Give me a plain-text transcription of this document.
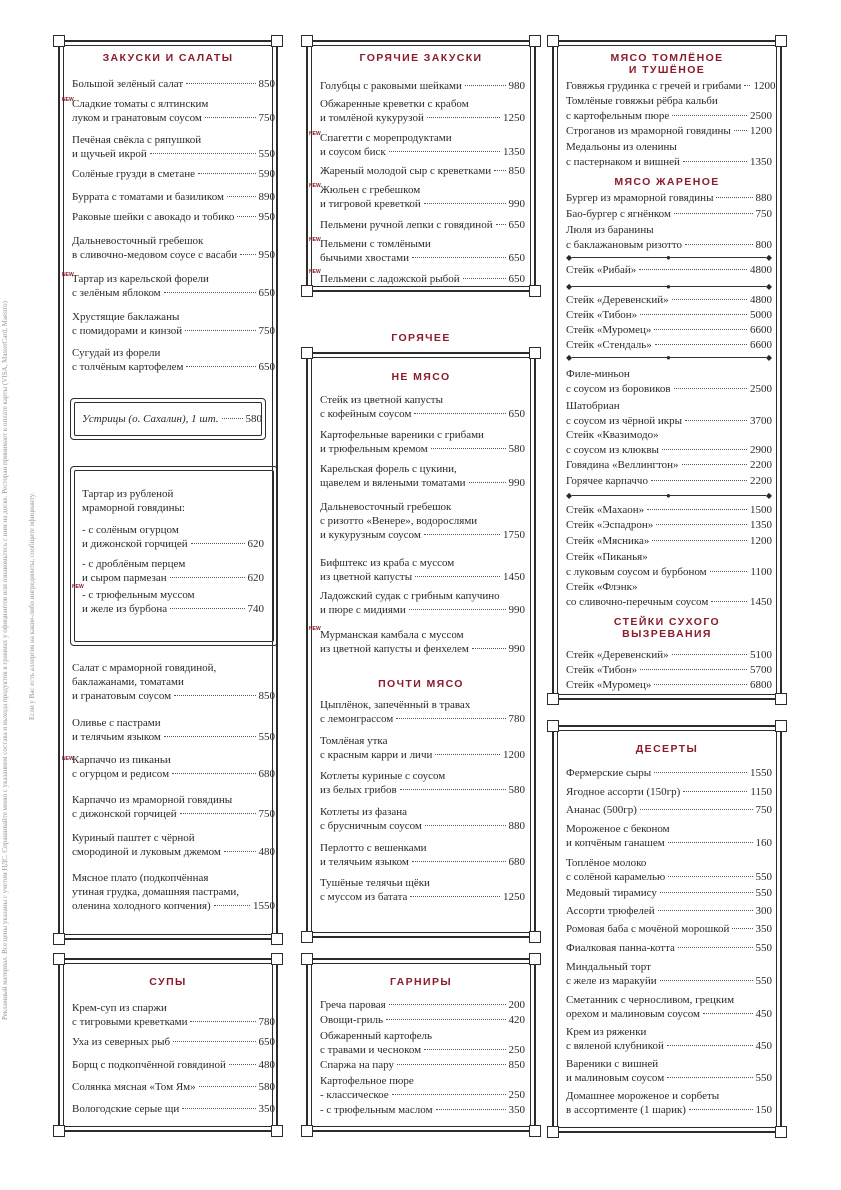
Рекламный материал. Все цены указаны с учетом НДС. Спрашивайте меню с указанием состава и выхода продуктов в граммах у официантов или ознакомьтесь с ним на доске. Ресторан принимает к оплате карты (VISA, MasterCard, Maestro)	Если у Вас есть аллергия на какие-либо ингредиенты, сообщите официанту.
ЗАКУСКИ И САЛАТЫ
Большой зелёный салат	850
Сладкие томаты с ялтинским
луком и гранатовым соусом	750
Печёная свёкла с ряпушкой
и щучьей икрой	550
Солёные грузди в сметане	590
Буррата с томатами и базиликом	890
Раковые шейки с авокадо и тобико 950
Дальневосточный гребешок
в сливочно-медовом соусе с васаби 950
Тартар из карельской форели
с зелёным яблоком	650
Хрустящие баклажаны
с помидорами и кинзой	750
Сугудай из форели
с толчёным картофелем	650
NEW
NEW
Устрицы (о. Сахалин), 1 шт. 580
Тартар из рубленой
мраморной говядины:
- с солёным огурцом
и дижонской горчицей	620
- с дроблёным перцем
и сыром пармезан	620
- с трюфельным муссом
и желе из бурбона	740
NEW
Салат с мраморной говядиной,
баклажанами, томатами
и гранатовым соусом	850
Оливье с пастрами
и телячьим языком	550
Карпаччо из пиканьи
с огурцом и редисом	680
Карпаччо из мраморной говядины
с дижонской горчицей	750
Куриный паштет с чёрной
смородиной и луковым джемом	480
Мясное плато (подкопчённая
утиная грудка, домашняя пастрами,
оленина холодного копчения)	1550
NEW
СУПЫ
Крем-суп из спаржи
с тигровыми креветками	780
Уха из северных рыб	650
Борщ с подкопчённой говядиной	480
Солянка мясная «Том Ям»	580
Вологодские серые щи	350
ГОРЯЧИЕ ЗАКУСКИ
Голубцы с раковыми шейками	980
Обжаренные креветки с крабом
и томлёной кукурузой	1250
Спагетти с морепродуктами
и соусом биск	1350
Жареный молодой сыр с креветками 850
Жюльен с гребешком
и тигровой креветкой	990
Пельмени ручной лепки с говядиной 650
Пельмени с томлёными
бычьими хвостами	650
Пельмени с ладожской рыбой	650
NEW
NEW
NEW
NEW
ГОРЯЧЕЕ
НЕ МЯСО
Стейк из цветной капусты
с кофейным соусом	650
Картофельные вареники с грибами
и трюфельным кремом	580
Карельская форель с цукини,
щавелем и вялеными томатами	990
Дальневосточный гребешок
с ризотто «Венере», водорослями
и кукурузным соусом	1750
Бифштекс из краба с муссом
из цветной капусты	1450
Ладожский судак с грибным капучино
и пюре с мидиями	990
Мурманская камбала с муссом
из цветной капусты и фенхелем	990
NEW
ПОЧТИ МЯСО
Цыплёнок, запечённый в травах
с лемонграссом	780
Томлёная утка
с красным карри и личи	1200
Котлеты куриные с соусом
из белых грибов	580
Котлеты из фазана
с брусничным соусом	880
Перлотто с вешенками
и телячьим языком	680
Тушёные телячьи щёки
с муссом из батата	1250
ГАРНИРЫ
Греча паровая	200
Овощи-гриль	420
Обжаренный картофель
с травами и чесноком	250
Спаржа на пару	850
Картофельное пюре
- классическое	250
- с трюфельным маслом	350
МЯСО ТОМЛЁНОЕ
И ТУШЁНОЕ
Говяжья грудинка с гречей и грибами 1200
Томлёные говяжьи рёбра кальби
с картофельным пюре	2500
Строганов из мраморной говядины 1200
Медальоны из оленины
с пастернаком и вишней	1350
МЯСО ЖАРЕНОЕ
Бургер из мраморной говядины	880
Бао-бургер с ягнёнком	750
Люля из баранины
с баклажановым ризотто	800
Стейк «Рибай»	4800
Стейк «Деревенский»	4800
Стейк «Тибон»	5000
Стейк «Муромец»	6600
Стейк «Стендаль»	6600
Филе-миньон
с соусом из боровиков	2500
Шатобриан
с соусом из чёрной икры	3700
Стейк «Квазимодо»
с соусом из клюквы	2900
Говядина «Веллингтон»	2200
Горячее карпаччо	2200
Стейк «Махаон»	1500
Стейк «Эспадрон»	1350
Стейк «Мясника»	1200
Стейк «Пиканья»
с луковым соусом и бурбоном	1100
Стейк «Флэнк»
со сливочно-перечным соусом	1450
◆	●	◆
◆	●	◆
◆	●	◆
◆	●	◆
СТЕЙКИ СУХОГО
ВЫЗРЕВАНИЯ
Стейк «Деревенский»	5100
Стейк «Тибон»	5700
Стейк «Муромец»	6800
ДЕСЕРТЫ
Фермерские сыры	1550
Ягодное ассорти (150гр)	1150
Ананас (500гр)	750
Мороженое с беконом
и копчёным ганашем	160
Топлёное молоко
с солёной карамелью	550
Медовый тирамису	550
Ассорти трюфелей	300
Ромовая баба с мочёной морошкой 350
Фиалковая панна-котта	550
Миндальный торт
с желе из маракуйи	550
Сметанник с черносливом, грецким
орехом и малиновым соусом	450
Крем из ряженки
с вяленой клубникой	450
Вареники с вишней
и малиновым соусом	550
Домашнее мороженое и сорбеты
в ассортименте (1 шарик)	150
